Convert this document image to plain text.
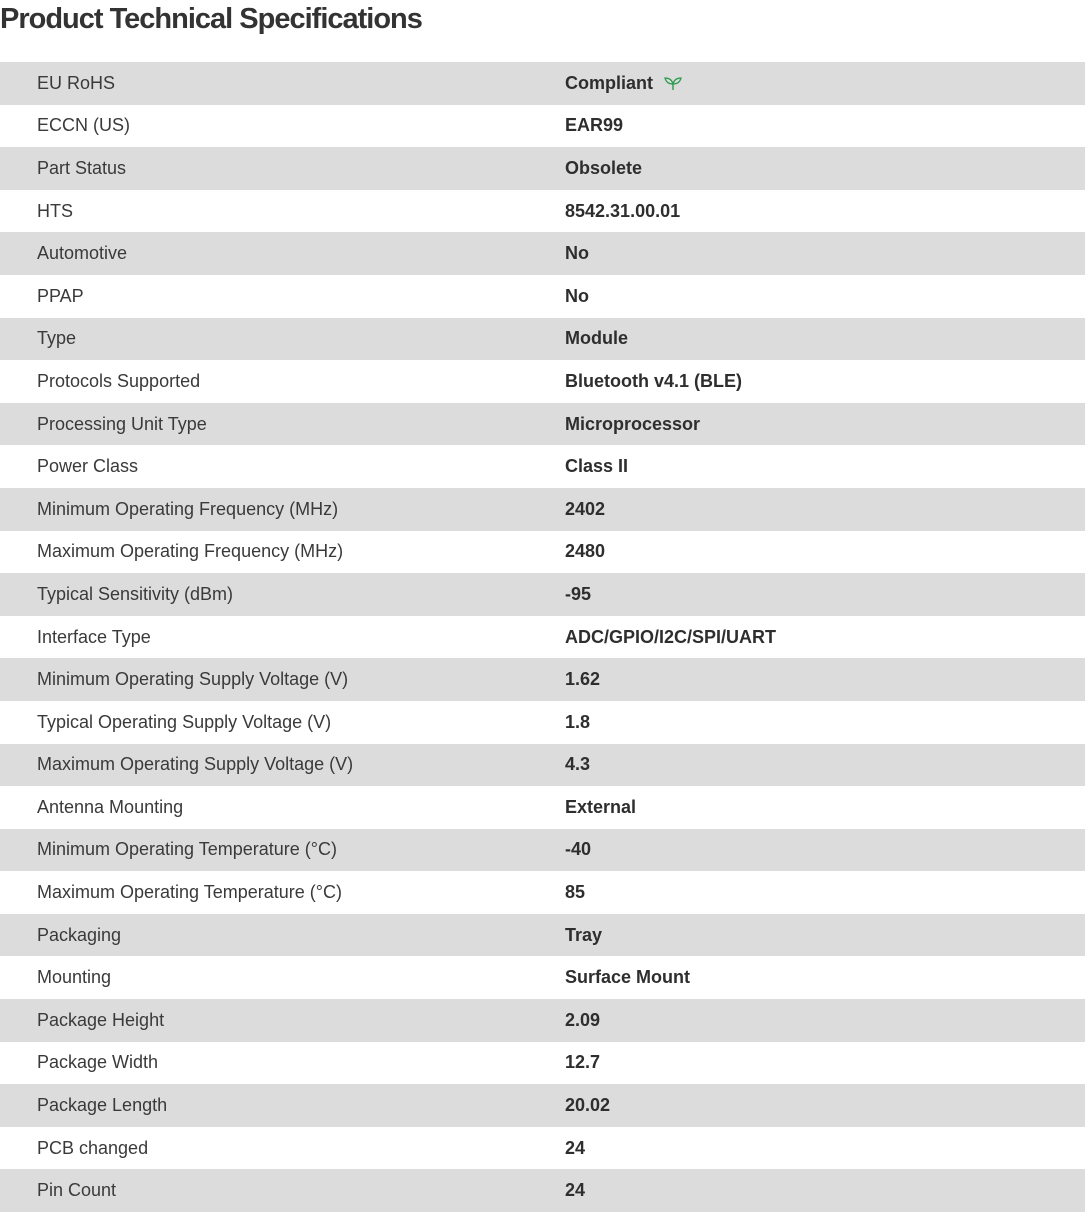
Product Technical Specifications
EU RoHS	Compliant
ECCN (US)	EAR99
Part Status	Obsolete
HTS	8542.31.00.01
Automotive	No
PPAP	No
Type	Module
Protocols Supported	Bluetooth v4.1 (BLE)
Processing Unit Type	Microprocessor
Power Class	Class II
Minimum Operating Frequency (MHz)	2402
Maximum Operating Frequency (MHz)	2480
Typical Sensitivity (dBm)	-95
Interface Type	ADC/GPIO/I2C/SPI/UART
Minimum Operating Supply Voltage (V)	1.62
Typical Operating Supply Voltage (V)	1.8
Maximum Operating Supply Voltage (V)	4.3
Antenna Mounting	External
Minimum Operating Temperature (°C)	-40
Maximum Operating Temperature (°C)	85
Packaging	Tray
Mounting	Surface Mount
Package Height	2.09
Package Width	12.7
Package Length	20.02
PCB changed	24
Pin Count	24
